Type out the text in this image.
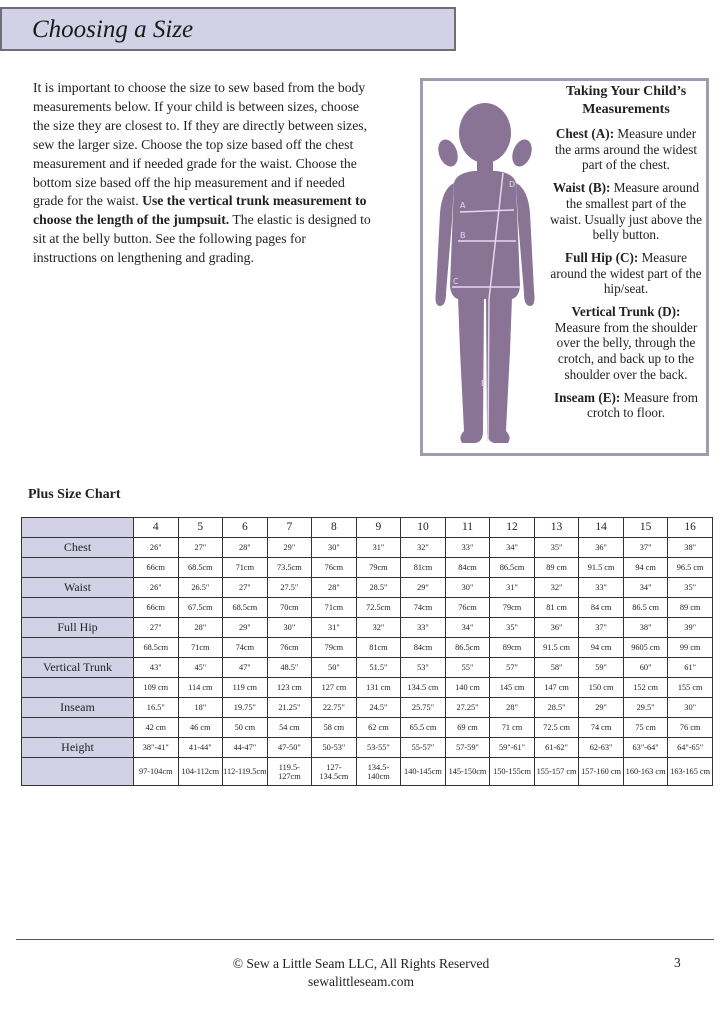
Choosing a Size
It is important to choose the size to sew based from the body measurements below. If your child is between sizes, choose the size they are closest to. If they are directly between sizes, sew the larger size. Choose the top size based off the chest measurement and if needed grade for the waist. Choose the bottom size based off the hip measurement and if needed grade for the waist. Use the vertical trunk measurement to choose the length of the jumpsuit. The elastic is designed to sit at the belly button. See the following pages for instructions on lengthening and grading.
A
B
C
D
E
Taking Your Child’s Measurements

Chest (A): Measure under the arms around the widest part of the chest.

Waist (B): Measure around the smallest part of the waist. Usually just above the belly button.

Full Hip (C): Measure around the widest part of the hip/seat.

Vertical Trunk (D): Measure from the shoulder over the belly, through the crotch, and back up to the shoulder over the back.

Inseam (E): Measure from crotch to floor.

Plus Size Chart
	4	5	6	7	8	9	10	11	12	13	14	15	16
Chest	26"	27"	28"	29"	30"	31"	32"	33"	34"	35"	36"	37"	38"
	66cm	68.5cm	71cm	73.5cm	76cm	79cm	81cm	84cm	86.5cm	89 cm	91.5 cm	94 cm	96.5 cm
Waist	26"	26.5"	27"	27.5"	28"	28.5"	29"	30"	31"	32"	33"	34"	35"
	66cm	67.5cm	68.5cm	70cm	71cm	72.5cm	74cm	76cm	79cm	81 cm	84 cm	86.5 cm	89 cm
Full Hip	27"	28"	29"	30"	31"	32"	33"	34"	35"	36"	37"	38"	39"
	68.5cm	71cm	74cm	76cm	79cm	81cm	84cm	86.5cm	89cm	91.5 cm	94 cm	9605 cm	99 cm
Vertical Trunk	43"	45"	47"	48.5"	50"	51.5"	53"	55"	57"	58"	59"	60"	61"
	109 cm	114 cm	119 cm	123 cm	127 cm	131 cm	134.5 cm	140 cm	145 cm	147 cm	150 cm	152 cm	155 cm
Inseam	16.5"	18"	19.75"	21.25"	22.75"	24.5"	25.75"	27.25"	28"	28.5"	29"	29.5"	30"
	42 cm	46 cm	50 cm	54 cm	58 cm	62 cm	65.5 cm	69 cm	71 cm	72.5 cm	74 cm	75 cm	76 cm
Height	38"-41"	41-44"	44-47"	47-50"	50-53"	53-55"	55-57"	57-59"	59"-61"	61-62"	62-63"	63"-64"	64"-65"
	97-104cm	104-112cm	112-119.5cm	119.5-127cm	127-134.5cm	134.5-140cm	140-145cm	145-150cm	150-155cm	155-157 cm	157-160 cm	160-163 cm	163-165 cm
© Sew a Little Seam LLC, All Rights Reserved
sewalittleseam.com
3
